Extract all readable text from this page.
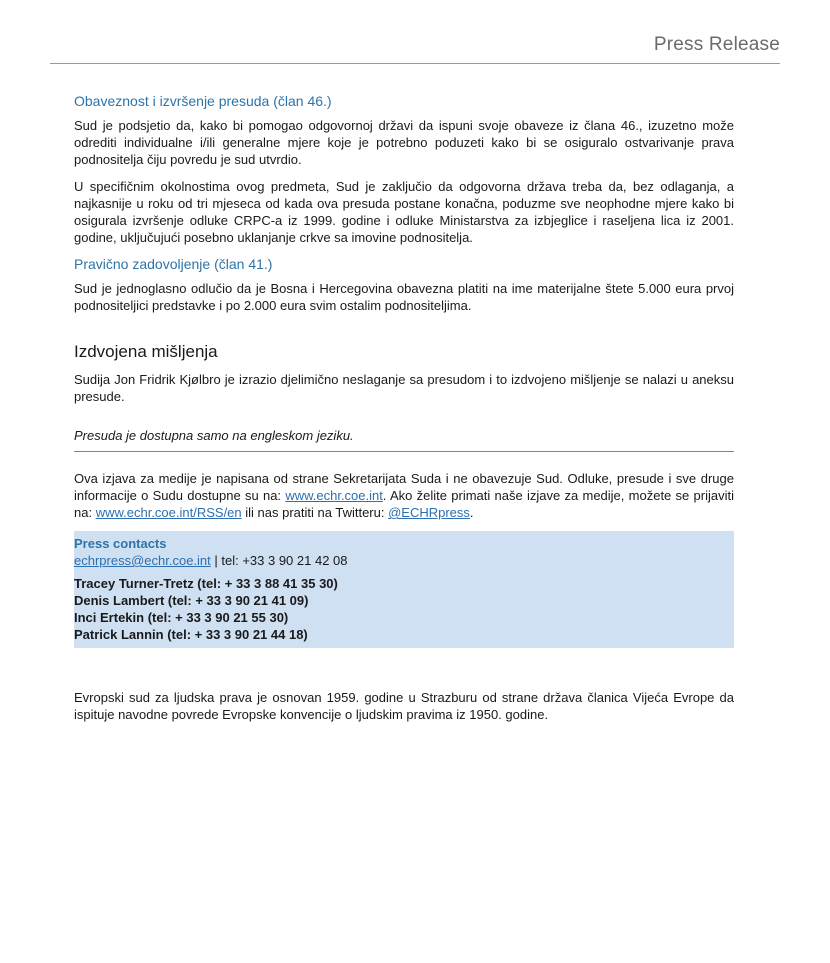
Press Release
Obaveznost i izvršenje presuda (član 46.)

Sud je podsjetio da, kako bi pomogao odgovornoj državi da ispuni svoje obaveze iz člana 46., izuzetno može odrediti individualne i/ili generalne mjere koje je potrebno poduzeti kako bi se osiguralo ostvarivanje prava podnositelja čiju povredu je sud utvrdio.

U specifičnim okolnostima ovog predmeta, Sud je zaključio da odgovorna država treba da, bez odlaganja, a najkasnije u roku od tri mjeseca od kada ova presuda postane konačna, poduzme sve neophodne mjere kako bi osigurala izvršenje odluke CRPC-a iz 1999. godine i odluke Ministarstva za izbjeglice i raseljena lica iz 2001. godine, uključujući posebno uklanjanje crkve sa imovine podnositelja.

Pravično zadovoljenje (član 41.)

Sud je jednoglasno odlučio da je Bosna i Hercegovina obavezna platiti na ime materijalne štete 5.000 eura prvoj podnositeljici predstavke i po 2.000 eura svim ostalim podnositeljima.

Izdvojena mišljenja

Sudija Jon Fridrik Kjølbro je izrazio djelimično neslaganje sa presudom i to izdvojeno mišljenje se nalazi u aneksu presude.

Presuda je dostupna samo na engleskom jeziku.

Ova izjava za medije je napisana od strane Sekretarijata Suda i ne obavezuje Sud. Odluke, presude i sve druge informacije o Sudu dostupne su na: www.echr.coe.int. Ako želite primati naše izjave za medije, možete se prijaviti na: www.echr.coe.int/RSS/en ili nas pratiti na Twitteru: @ECHRpress.

Press contacts
echrpress@echr.coe.int | tel: +33 3 90 21 42 08
Tracey Turner-Tretz (tel: + 33 3 88 41 35 30)
Denis Lambert (tel: + 33 3 90 21 41 09)
Inci Ertekin (tel: + 33 3 90 21 55 30)
Patrick Lannin (tel: + 33 3 90 21 44 18)

Evropski sud za ljudska prava je osnovan 1959. godine u Strazburu od strane država članica Vijeća Evrope da ispituje navodne povrede Evropske konvencije o ljudskim pravima iz 1950. godine.
